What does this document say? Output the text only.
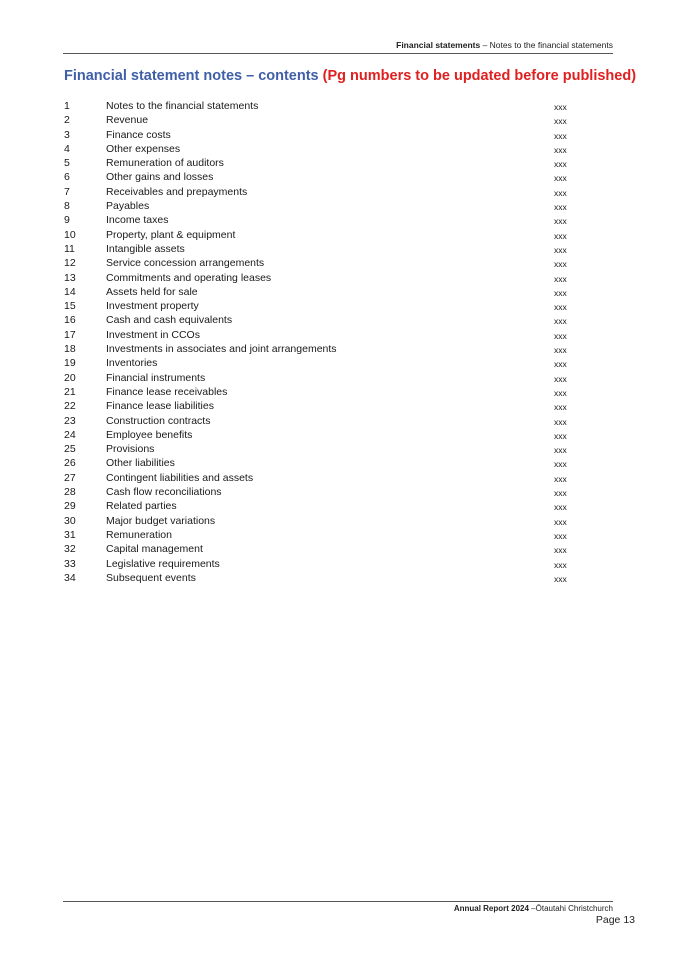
Financial statements – Notes to the financial statements
Financial statement notes – contents (Pg numbers to be updated before published)
1	Notes to the financial statements	xxx
2	Revenue	xxx
3	Finance costs	xxx
4	Other expenses	xxx
5	Remuneration of auditors	xxx
6	Other gains and losses	xxx
7	Receivables and prepayments	xxx
8	Payables	xxx
9	Income taxes	xxx
10	Property, plant & equipment	xxx
11	Intangible assets	xxx
12	Service concession arrangements	xxx
13	Commitments and operating leases	xxx
14	Assets held for sale	xxx
15	Investment property	xxx
16	Cash and cash equivalents	xxx
17	Investment in CCOs	xxx
18	Investments in associates and joint arrangements	xxx
19	Inventories	xxx
20	Financial instruments	xxx
21	Finance lease receivables	xxx
22	Finance lease liabilities	xxx
23	Construction contracts	xxx
24	Employee benefits	xxx
25	Provisions	xxx
26	Other liabilities	xxx
27	Contingent liabilities and assets	xxx
28	Cash flow reconciliations	xxx
29	Related parties	xxx
30	Major budget variations	xxx
31	Remuneration	xxx
32	Capital management	xxx
33	Legislative requirements	xxx
34	Subsequent events	xxx
Annual Report 2024 –Ōtautahi Christchurch
Page 13
